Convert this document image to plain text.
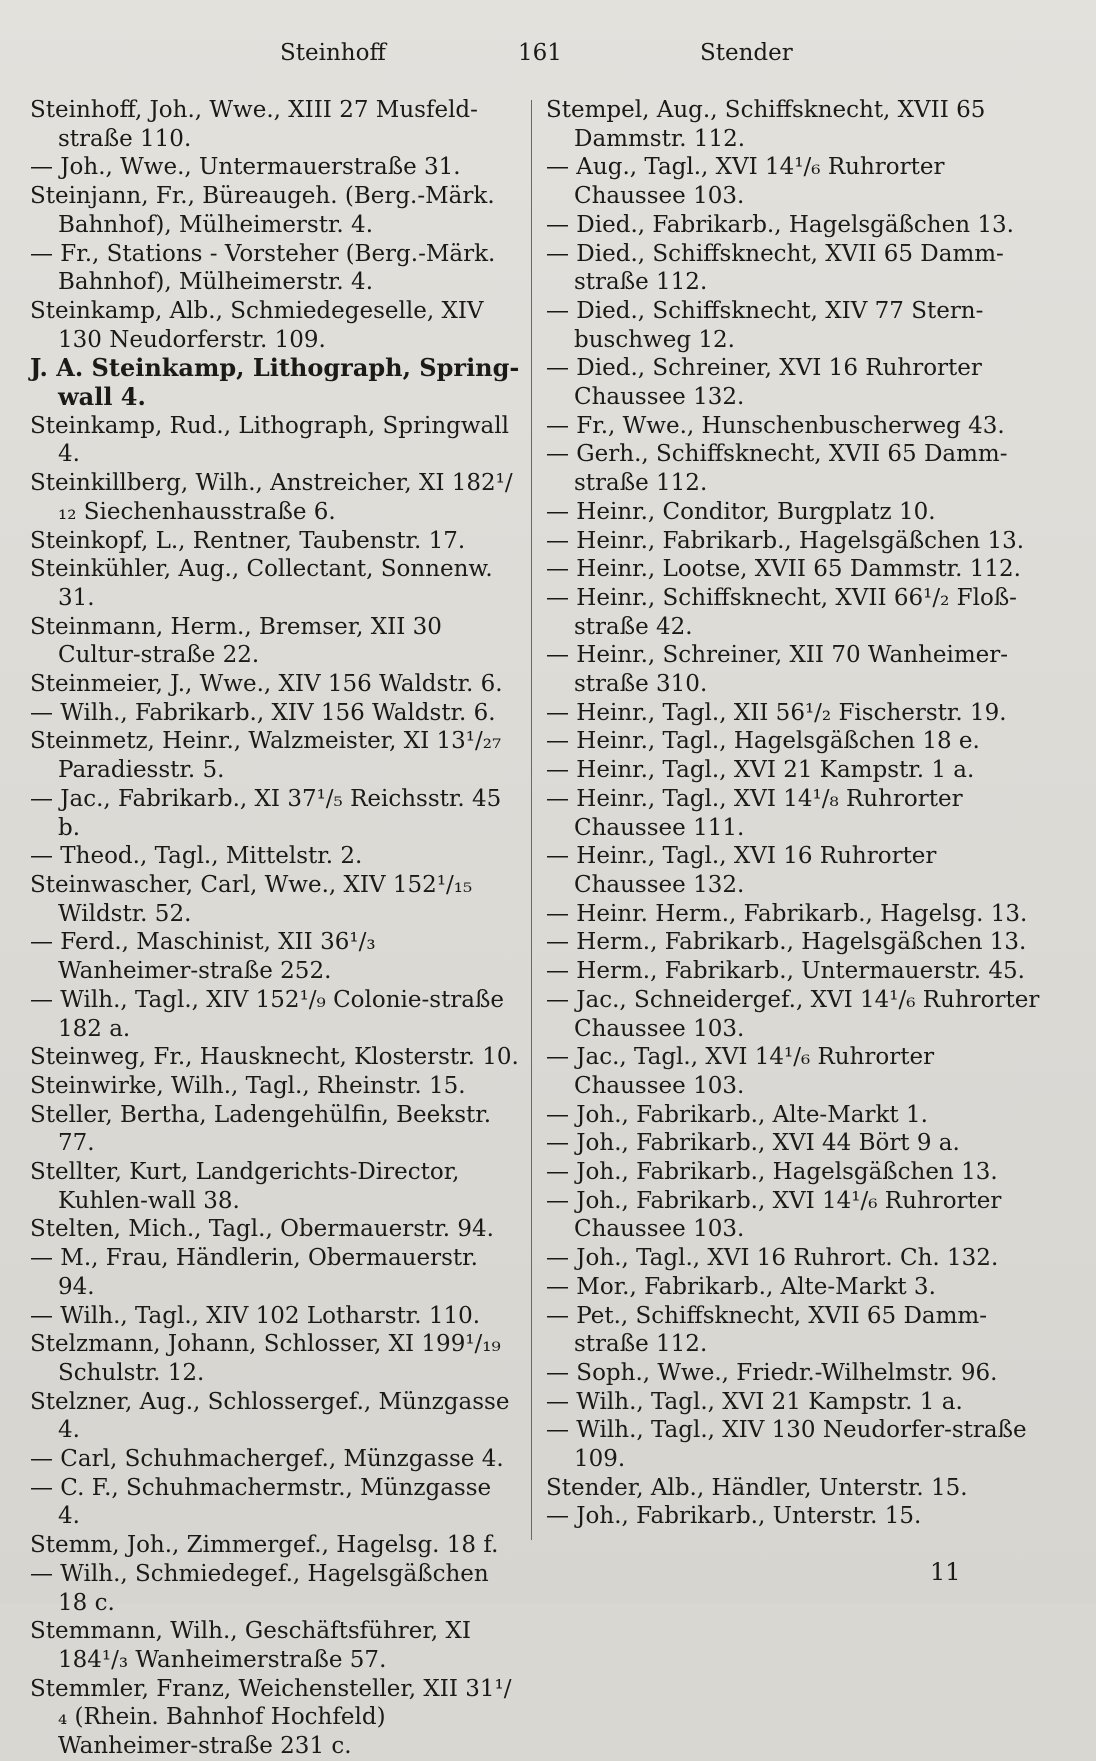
Steinhoff	161	Stender
Steinhoff, Joh., Wwe., XIII 27 Musfeld-straße 110.
— Joh., Wwe., Untermauerstraße 31.
Steinjann, Fr., Büreaugeh. (Berg.-Märk. Bahnhof), Mülheimerstr. 4.
— Fr., Stations - Vorsteher (Berg.-Märk. Bahnhof), Mülheimerstr. 4.
Steinkamp, Alb., Schmiedegeselle, XIV 130 Neudorferstr. 109.
J. A. Steinkamp, Lithograph, Spring-wall 4.
Steinkamp, Rud., Lithograph, Springwall 4.
Steinkillberg, Wilh., Anstreicher, XI 182¹/₁₂ Siechenhausstraße 6.
Steinkopf, L., Rentner, Taubenstr. 17.
Steinkühler, Aug., Collectant, Sonnenw. 31.
Steinmann, Herm., Bremser, XII 30 Cultur-straße 22.
Steinmeier, J., Wwe., XIV 156 Waldstr. 6.
— Wilh., Fabrikarb., XIV 156 Waldstr. 6.
Steinmetz, Heinr., Walzmeister, XI 13¹/₂₇ Paradiesstr. 5.
— Jac., Fabrikarb., XI 37¹/₅ Reichsstr. 45 b.
— Theod., Tagl., Mittelstr. 2.
Steinwascher, Carl, Wwe., XIV 152¹/₁₅ Wildstr. 52.
— Ferd., Maschinist, XII 36¹/₃ Wanheimer-straße 252.
— Wilh., Tagl., XIV 152¹/₉ Colonie-straße 182 a.
Steinweg, Fr., Hausknecht, Klosterstr. 10.
Steinwirke, Wilh., Tagl., Rheinstr. 15.
Steller, Bertha, Ladengehülfin, Beekstr. 77.
Stellter, Kurt, Landgerichts-Director, Kuhlen-wall 38.
Stelten, Mich., Tagl., Obermauerstr. 94.
— M., Frau, Händlerin, Obermauerstr. 94.
— Wilh., Tagl., XIV 102 Lotharstr. 110.
Stelzmann, Johann, Schlosser, XI 199¹/₁₉ Schulstr. 12.
Stelzner, Aug., Schlossergef., Münzgasse 4.
— Carl, Schuhmachergef., Münzgasse 4.
— C. F., Schuhmachermstr., Münzgasse 4.
Stemm, Joh., Zimmergef., Hagelsg. 18 f.
— Wilh., Schmiedegef., Hagelsgäßchen 18 c.
Stemmann, Wilh., Geschäftsführer, XI 184¹/₃ Wanheimerstraße 57.
Stemmler, Franz, Weichensteller, XII 31¹/₄ (Rhein. Bahnhof Hochfeld) Wanheimer-straße 231 c.
Stempel, Aug., Schiffsknecht, XVII 65 Dammstr. 112.
— Aug., Tagl., XVI 14¹/₆ Ruhrorter Chaussee 103.
— Died., Fabrikarb., Hagelsgäßchen 13.
— Died., Schiffsknecht, XVII 65 Damm-straße 112.
— Died., Schiffsknecht, XIV 77 Stern-buschweg 12.
— Died., Schreiner, XVI 16 Ruhrorter Chaussee 132.
— Fr., Wwe., Hunschenbuscherweg 43.
— Gerh., Schiffsknecht, XVII 65 Damm-straße 112.
— Heinr., Conditor, Burgplatz 10.
— Heinr., Fabrikarb., Hagelsgäßchen 13.
— Heinr., Lootse, XVII 65 Dammstr. 112.
— Heinr., Schiffsknecht, XVII 66¹/₂ Floß-straße 42.
— Heinr., Schreiner, XII 70 Wanheimer-straße 310.
— Heinr., Tagl., XII 56¹/₂ Fischerstr. 19.
— Heinr., Tagl., Hagelsgäßchen 18 e.
— Heinr., Tagl., XVI 21 Kampstr. 1 a.
— Heinr., Tagl., XVI 14¹/₈ Ruhrorter Chaussee 111.
— Heinr., Tagl., XVI 16 Ruhrorter Chaussee 132.
— Heinr. Herm., Fabrikarb., Hagelsg. 13.
— Herm., Fabrikarb., Hagelsgäßchen 13.
— Herm., Fabrikarb., Untermauerstr. 45.
— Jac., Schneidergef., XVI 14¹/₆ Ruhrorter Chaussee 103.
— Jac., Tagl., XVI 14¹/₆ Ruhrorter Chaussee 103.
— Joh., Fabrikarb., Alte-Markt 1.
— Joh., Fabrikarb., XVI 44 Bört 9 a.
— Joh., Fabrikarb., Hagelsgäßchen 13.
— Joh., Fabrikarb., XVI 14¹/₆ Ruhrorter Chaussee 103.
— Joh., Tagl., XVI 16 Ruhrort. Ch. 132.
— Mor., Fabrikarb., Alte-Markt 3.
— Pet., Schiffsknecht, XVII 65 Damm-straße 112.
— Soph., Wwe., Friedr.-Wilhelmstr. 96.
— Wilh., Tagl., XVI 21 Kampstr. 1 a.
— Wilh., Tagl., XIV 130 Neudorfer-straße 109.
Stender, Alb., Händler, Unterstr. 15.
— Joh., Fabrikarb., Unterstr. 15.
11
